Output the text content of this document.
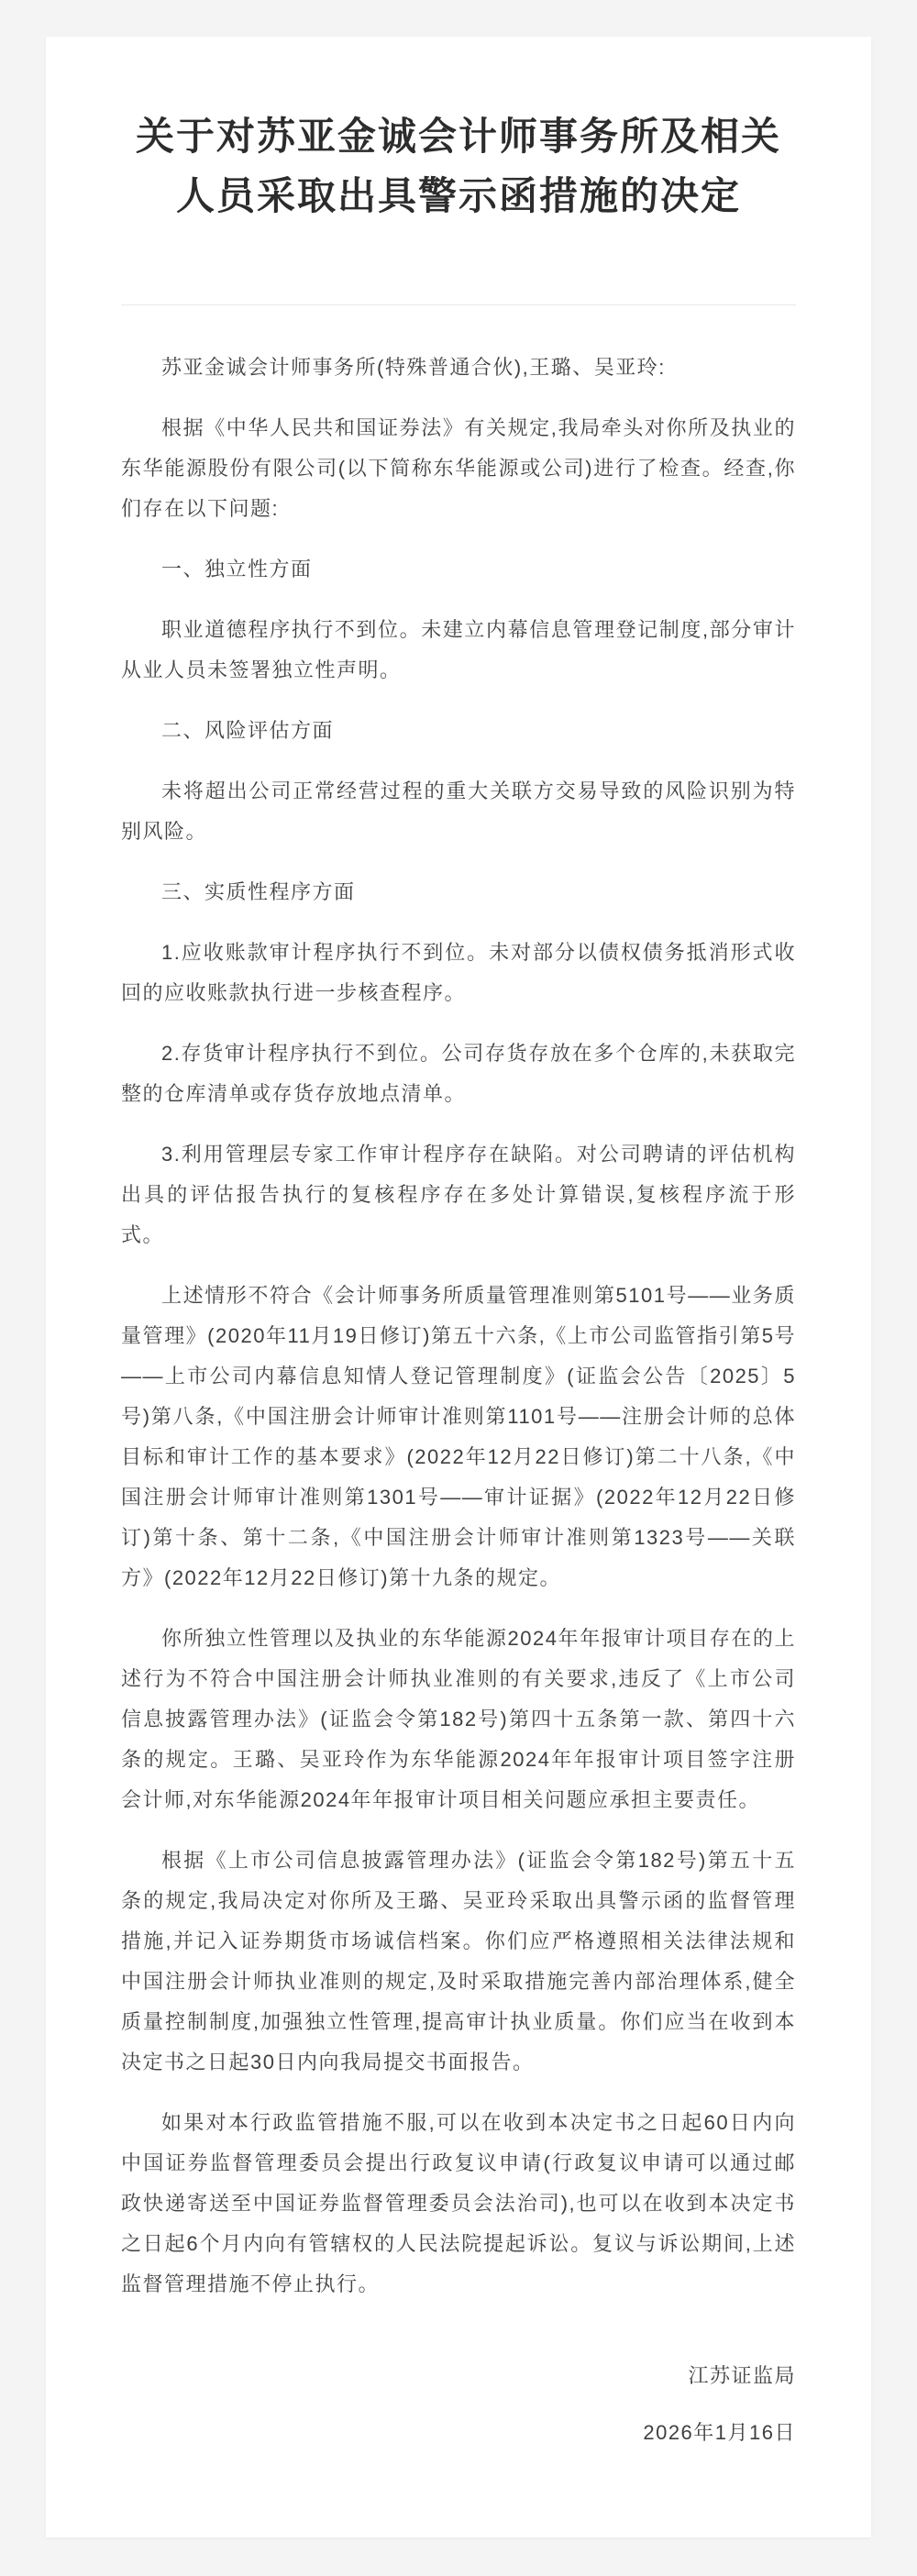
关于对苏亚金诚会计师事务所及相关人员采取出具警示函措施的决定

苏亚金诚会计师事务所(特殊普通合伙),王璐、吴亚玲:

根据《中华人民共和国证券法》有关规定,我局牵头对你所及执业的东华能源股份有限公司(以下简称东华能源或公司)进行了检查。经查,你们存在以下问题:

一、独立性方面

职业道德程序执行不到位。未建立内幕信息管理登记制度,部分审计从业人员未签署独立性声明。

二、风险评估方面

未将超出公司正常经营过程的重大关联方交易导致的风险识别为特别风险。

三、实质性程序方面

1.应收账款审计程序执行不到位。未对部分以债权债务抵消形式收回的应收账款执行进一步核查程序。

2.存货审计程序执行不到位。公司存货存放在多个仓库的,未获取完整的仓库清单或存货存放地点清单。

3.利用管理层专家工作审计程序存在缺陷。对公司聘请的评估机构出具的评估报告执行的复核程序存在多处计算错误,复核程序流于形式。

上述情形不符合《会计师事务所质量管理准则第5101号——业务质量管理》(2020年11月19日修订)第五十六条,《上市公司监管指引第5号——上市公司内幕信息知情人登记管理制度》(证监会公告〔2025〕5号)第八条,《中国注册会计师审计准则第1101号——注册会计师的总体目标和审计工作的基本要求》(2022年12月22日修订)第二十八条,《中国注册会计师审计准则第1301号——审计证据》(2022年12月22日修订)第十条、第十二条,《中国注册会计师审计准则第1323号——关联方》(2022年12月22日修订)第十九条的规定。

你所独立性管理以及执业的东华能源2024年年报审计项目存在的上述行为不符合中国注册会计师执业准则的有关要求,违反了《上市公司信息披露管理办法》(证监会令第182号)第四十五条第一款、第四十六条的规定。王璐、吴亚玲作为东华能源2024年年报审计项目签字注册会计师,对东华能源2024年年报审计项目相关问题应承担主要责任。

根据《上市公司信息披露管理办法》(证监会令第182号)第五十五条的规定,我局决定对你所及王璐、吴亚玲采取出具警示函的监督管理措施,并记入证券期货市场诚信档案。你们应严格遵照相关法律法规和中国注册会计师执业准则的规定,及时采取措施完善内部治理体系,健全质量控制制度,加强独立性管理,提高审计执业质量。你们应当在收到本决定书之日起30日内向我局提交书面报告。

如果对本行政监管措施不服,可以在收到本决定书之日起60日内向中国证券监督管理委员会提出行政复议申请(行政复议申请可以通过邮政快递寄送至中国证券监督管理委员会法治司),也可以在收到本决定书之日起6个月内向有管辖权的人民法院提起诉讼。复议与诉讼期间,上述监督管理措施不停止执行。

江苏证监局

2026年1月16日
